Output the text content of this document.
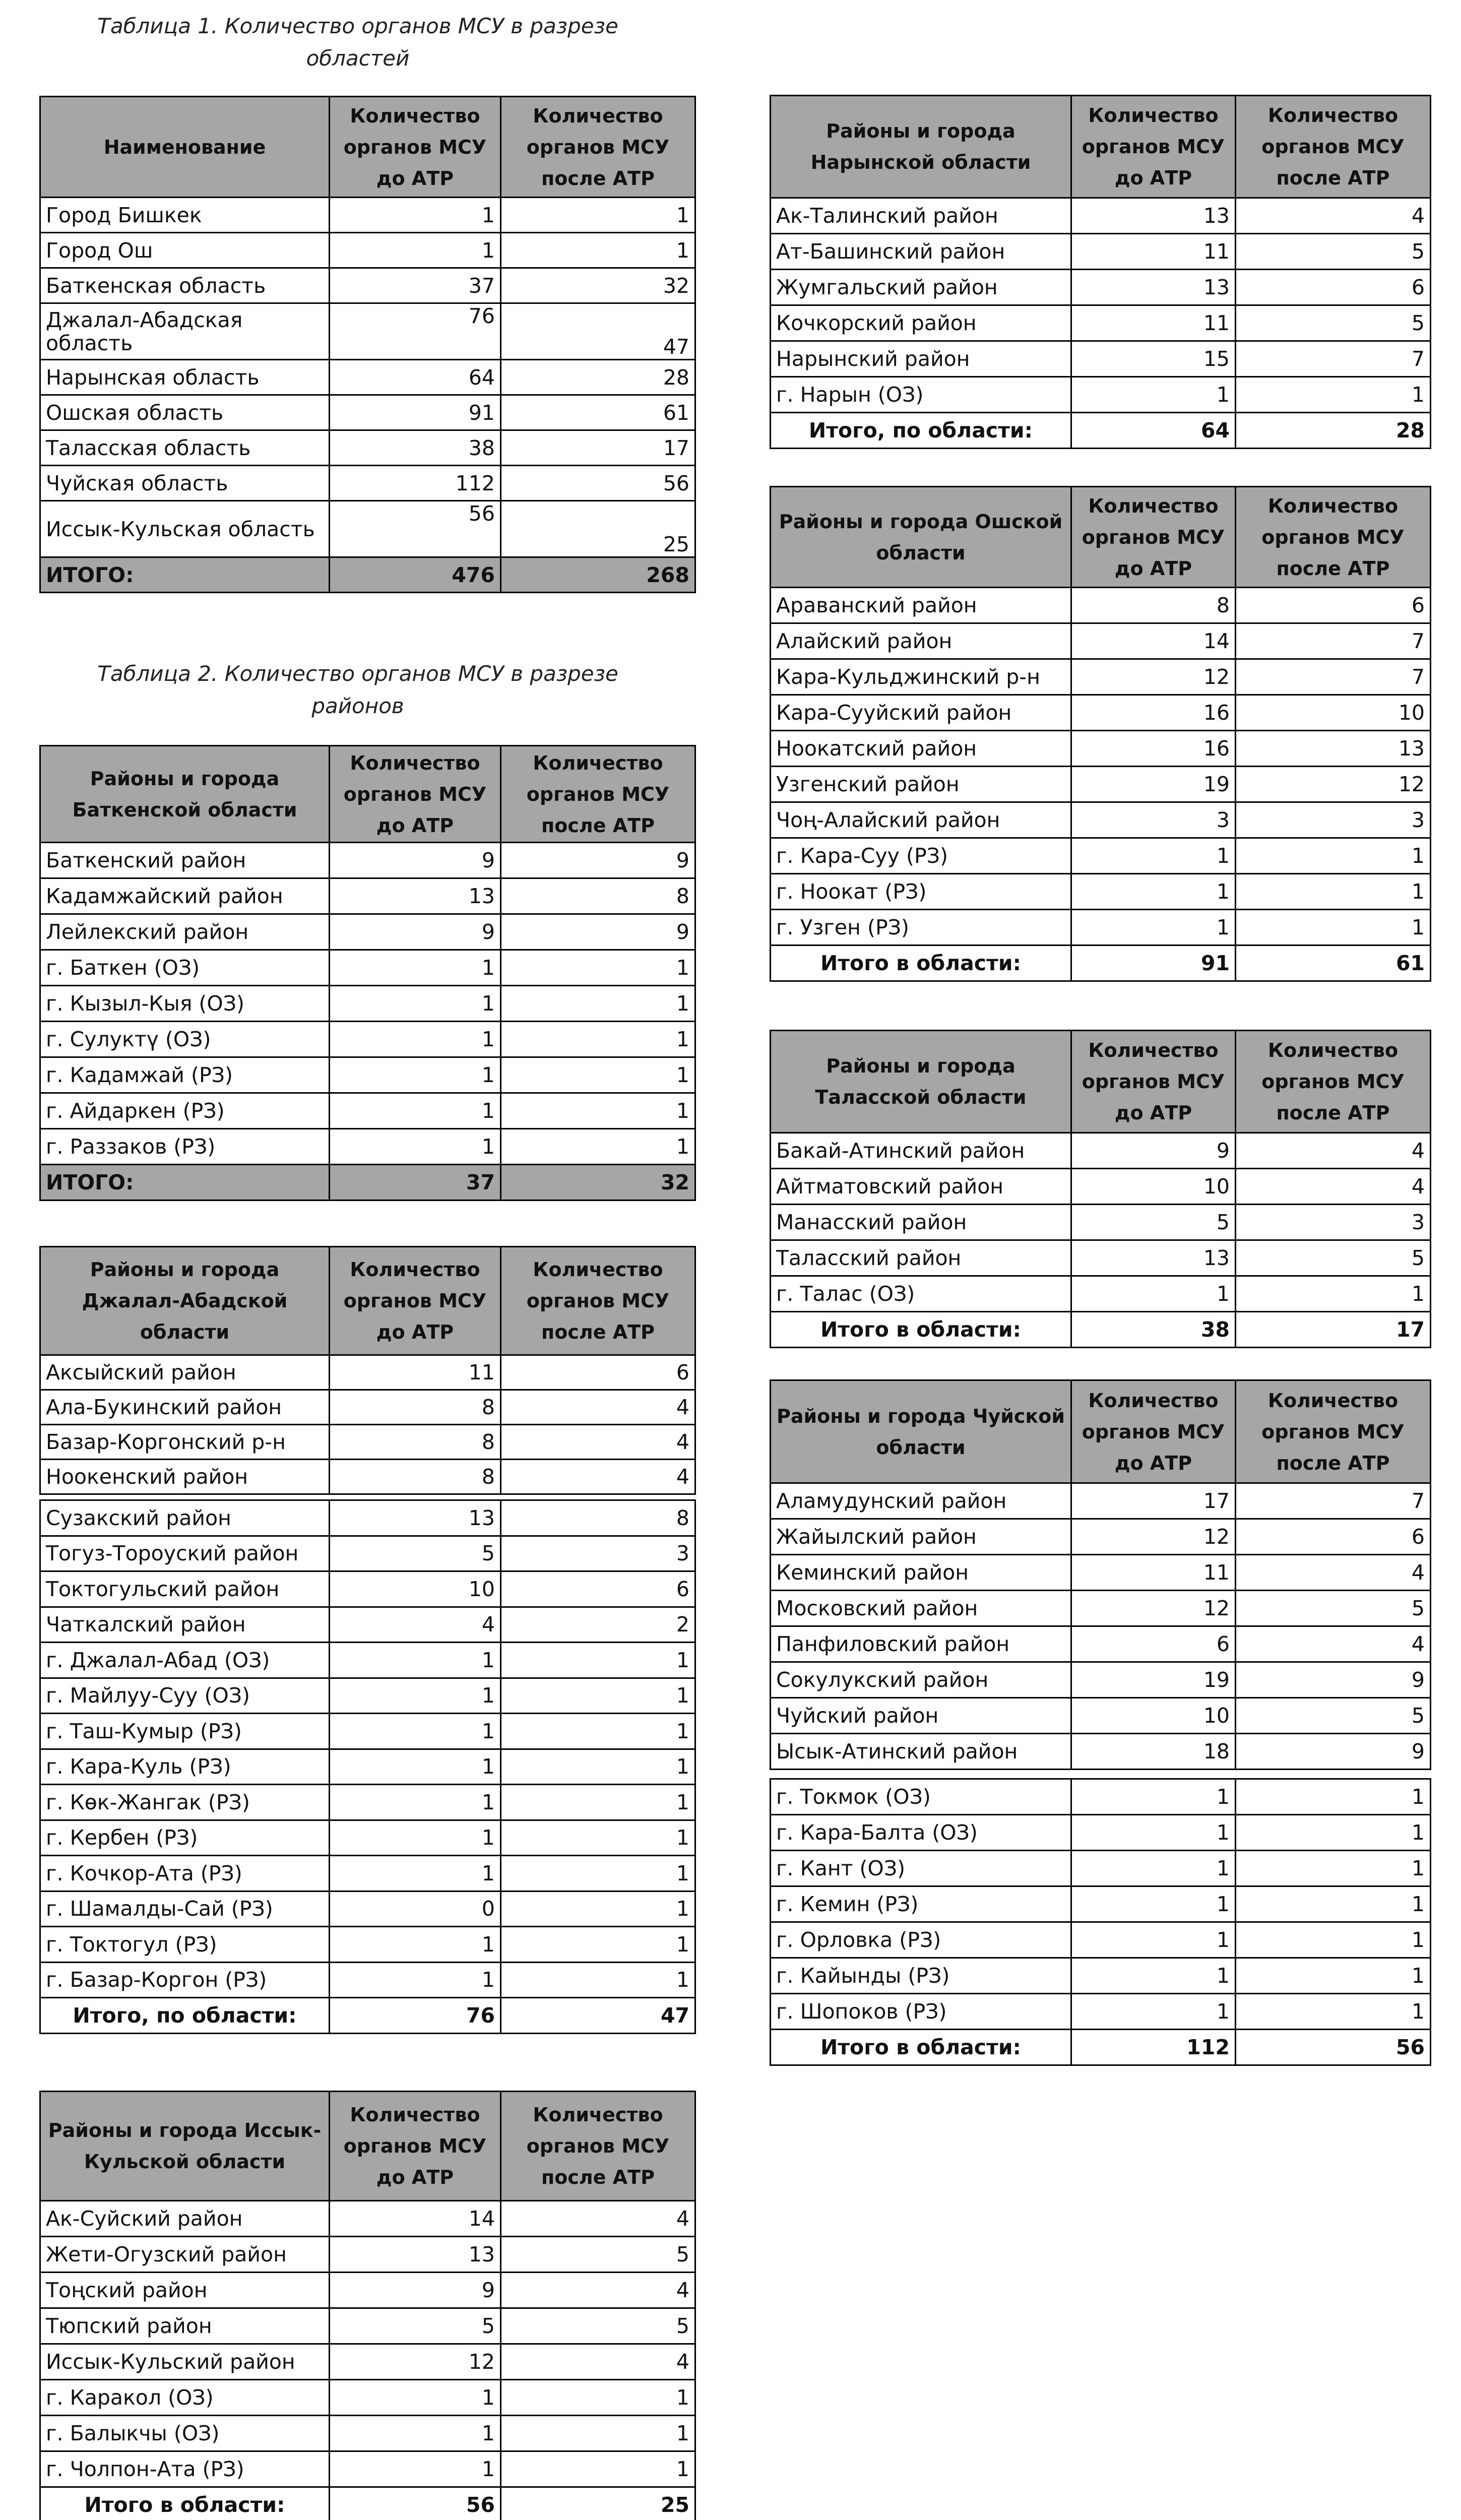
Таблица 1. Количество органов МСУ в разрезе областей
Таблица 2. Количество органов МСУ в разрезе районов
Наименование	Количество органов МСУ до АТР	Количество органов МСУ после АТР
Город Бишкек	1	1
Город Ош	1	1
Баткенская область	37	32
Джалал-Абадская область	76	47
Нарынская область	64	28
Ошская область	91	61
Таласская область	38	17
Чуйская область	112	56
Иссык-Кульская область	56	25
ИТОГО:	476	268
Районы и города Баткенской области	Количество органов МСУ до АТР	Количество органов МСУ после АТР
Баткенский район	9	9
Кадамжайский район	13	8
Лейлекский район	9	9
г. Баткен (ОЗ)	1	1
г. Кызыл-Кыя (ОЗ)	1	1
г. Сулуктү (ОЗ)	1	1
г. Кадамжай (РЗ)	1	1
г. Айдаркен (РЗ)	1	1
г. Раззаков (РЗ)	1	1
ИТОГО:	37	32
Районы и города Джалал-Абадской области	Количество органов МСУ до АТР	Количество органов МСУ после АТР
Аксыйский район	11	6
Ала-Букинский район	8	4
Базар-Коргонский р-н	8	4
Ноокенский район	8	4
Сузакский район	13	8
Тогуз-Тороуский район	5	3
Токтогульский район	10	6
Чаткалский район	4	2
г. Джалал-Абад (ОЗ)	1	1
г. Майлуу-Суу (ОЗ)	1	1
г. Таш-Кумыр (РЗ)	1	1
г. Кара-Куль (РЗ)	1	1
г. Көк-Жангак (РЗ)	1	1
г. Кербен (РЗ)	1	1
г. Кочкор-Ата (РЗ)	1	1
г. Шамалды-Сай (РЗ)	0	1
г. Токтогул (РЗ)	1	1
г. Базар-Коргон (РЗ)	1	1
Итого, по области:	76	47
Районы и города Иссык-Кульской области	Количество органов МСУ до АТР	Количество органов МСУ после АТР
Ак-Суйский район	14	4
Жети-Огузский район	13	5
Тоңский район	9	4
Тюпский район	5	5
Иссык-Кульский район	12	4
г. Каракол (ОЗ)	1	1
г. Балыкчы (ОЗ)	1	1
г. Чолпон-Ата (РЗ)	1	1
Итого в области:	56	25
Районы и города Нарынской области	Количество органов МСУ до АТР	Количество органов МСУ после АТР
Ак-Талинский район	13	4
Ат-Башинский район	11	5
Жумгальский район	13	6
Кочкорский район	11	5
Нарынский район	15	7
г. Нарын (ОЗ)	1	1
Итого, по области:	64	28
Районы и города Ошской области	Количество органов МСУ до АТР	Количество органов МСУ после АТР
Араванский район	8	6
Алайский район	14	7
Кара-Кульджинский р-н	12	7
Кара-Сууйский район	16	10
Ноокатский район	16	13
Узгенский район	19	12
Чоң-Алайский район	3	3
г. Кара-Суу (РЗ)	1	1
г. Ноокат (РЗ)	1	1
г. Узген (РЗ)	1	1
Итого в области:	91	61
Районы и города Таласской области	Количество органов МСУ до АТР	Количество органов МСУ после АТР
Бакай-Атинский район	9	4
Айтматовский район	10	4
Манасский район	5	3
Таласский район	13	5
г. Талас (ОЗ)	1	1
Итого в области:	38	17
Районы и города Чуйской области	Количество органов МСУ до АТР	Количество органов МСУ после АТР
Аламудунский район	17	7
Жайылский район	12	6
Кеминский район	11	4
Московский район	12	5
Панфиловский район	6	4
Сокулукский район	19	9
Чуйский район	10	5
Ысык-Атинский район	18	9
г. Токмок (ОЗ)	1	1
г. Кара-Балта (ОЗ)	1	1
г. Кант (ОЗ)	1	1
г. Кемин (РЗ)	1	1
г. Орловка (РЗ)	1	1
г. Кайынды (РЗ)	1	1
г. Шопоков (РЗ)	1	1
Итого в области:	112	56
